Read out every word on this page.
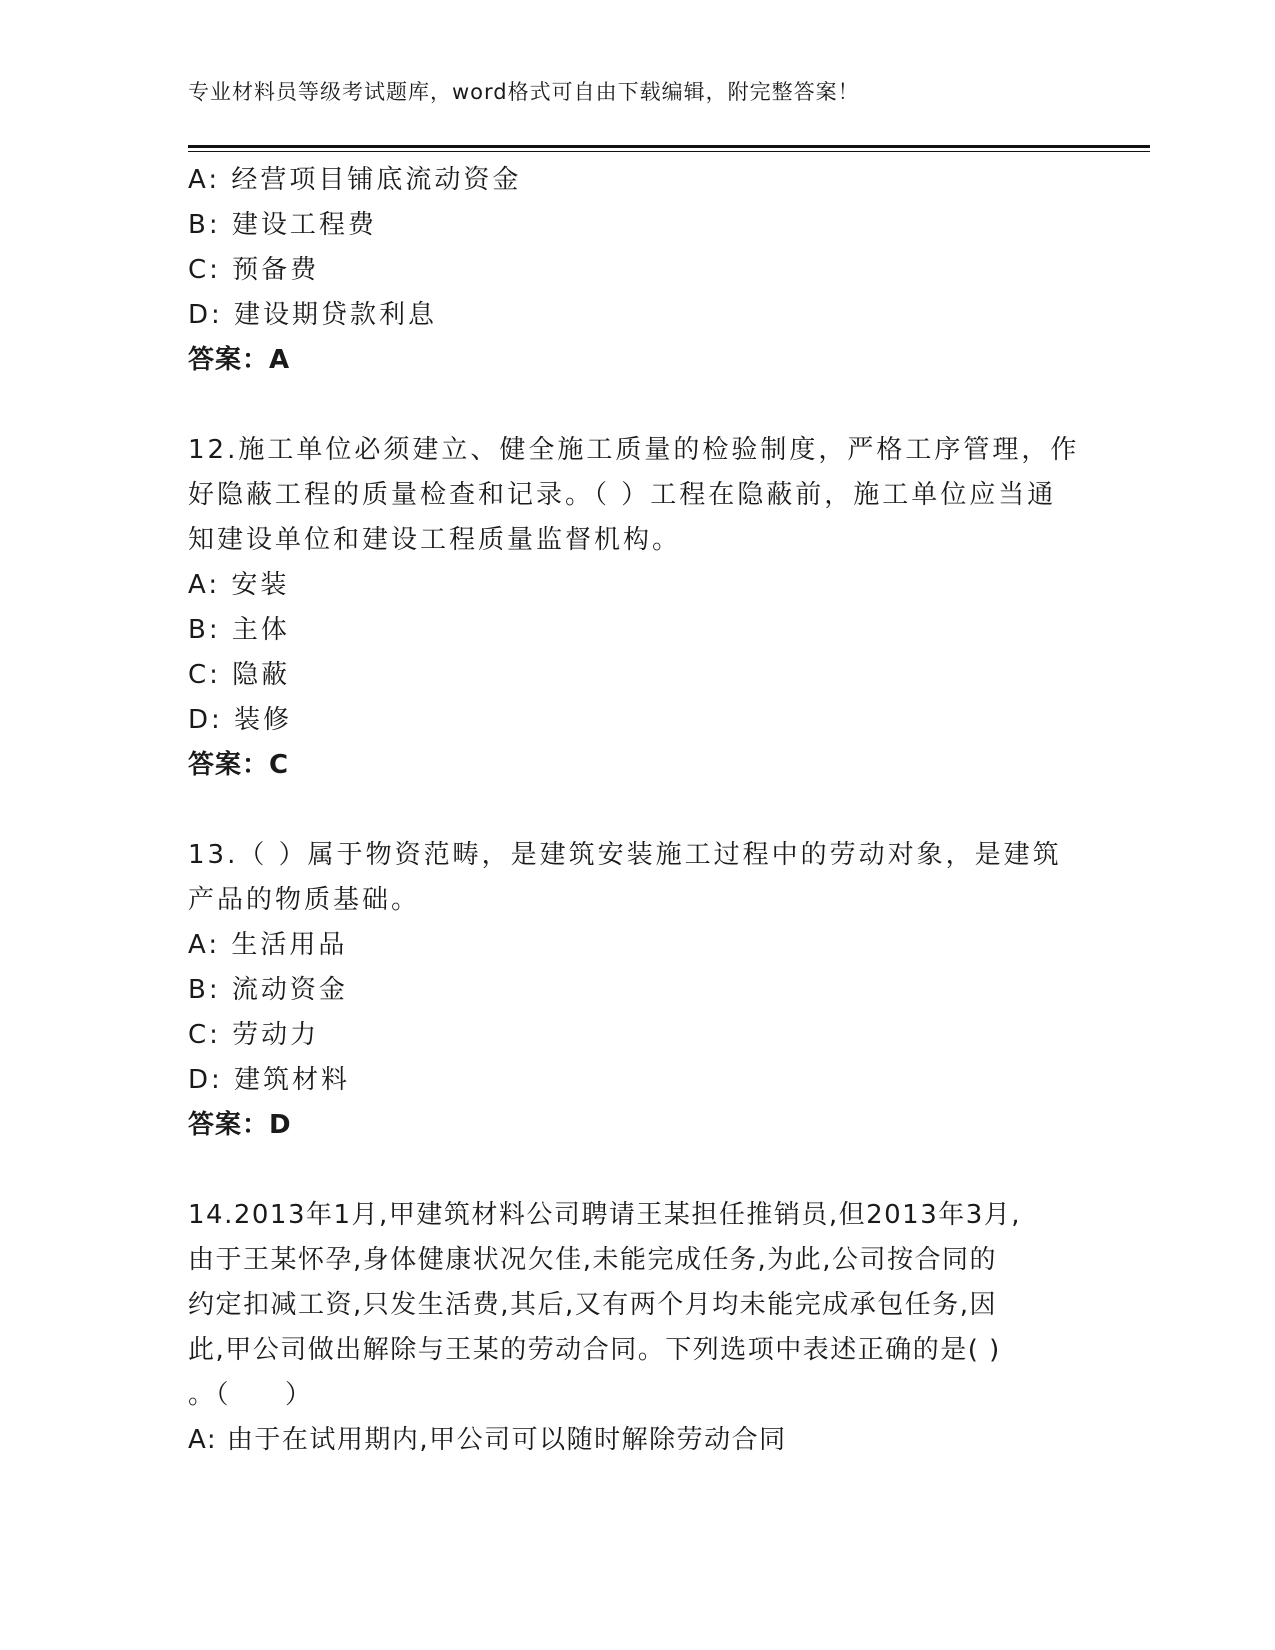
专业材料员等级考试题库，word格式可自由下载编辑，附完整答案！
A: 经营项目铺底流动资金
B: 建设工程费
C: 预备费
D: 建设期贷款利息
答案：A
12.施工单位必须建立、健全施工质量的检验制度，严格工序管理，作
好隐蔽工程的质量检查和记录。（ ）工程在隐蔽前，施工单位应当通
知建设单位和建设工程质量监督机构。
A: 安装
B: 主体
C: 隐蔽
D: 装修
答案：C
13.（ ）属于物资范畴，是建筑安装施工过程中的劳动对象，是建筑
产品的物质基础。
A: 生活用品
B: 流动资金
C: 劳动力
D: 建筑材料
答案：D
14.2013年1月,甲建筑材料公司聘请王某担任推销员,但2013年3月,
由于王某怀孕,身体健康状况欠佳,未能完成任务,为此,公司按合同的
约定扣减工资,只发生活费,其后,又有两个月均未能完成承包任务,因
此,甲公司做出解除与王某的劳动合同。下列选项中表述正确的是( )
。（　　）
A: 由于在试用期内,甲公司可以随时解除劳动合同
